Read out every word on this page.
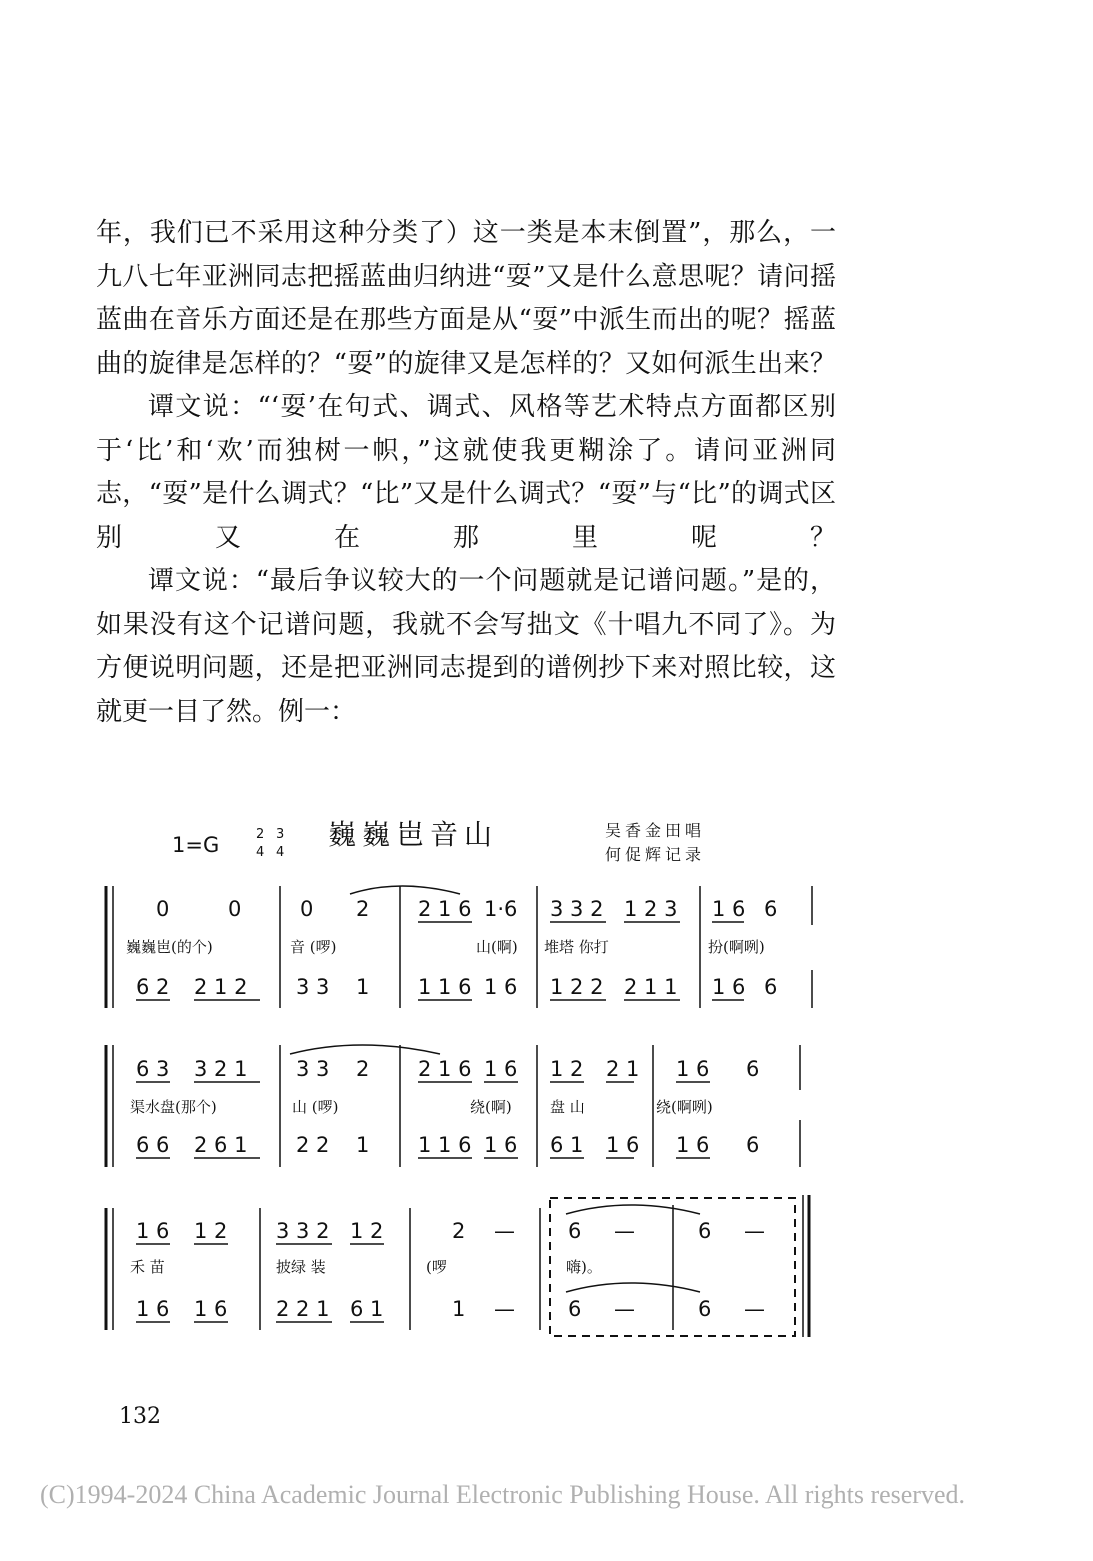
年，我们已不采用这种分类了）这一类是本末倒置”，那么，一九八七年亚洲同志把摇蓝曲归纳进“耍”又是什么意思呢？请问摇蓝曲在音乐方面还是在那些方面是从“耍”中派生而出的呢？摇蓝曲的旋律是怎样的？“耍”的旋律又是怎样的？又如何派生出来？

谭文说：“‘耍’在句式、调式、风格等艺术特点方面都区别于‘比’和‘欢’而独树一帜，”这就使我更糊涂了。请问亚洲同志，“耍”是什么调式？“比”又是什么调式？“耍”与“比”的调式区别又在那里呢？

谭文说：“最后争议较大的一个问题就是记谱问题。”是的，如果没有这个记谱问题，我就不会写拙文《十唱九不同了》。为方便说明问题，还是把亚洲同志提到的谱例抄下来对照比较，这就更一目了然。例一：

1=G	2
4
3
4
巍巍岜音山	吴香金田唱
何促辉记录
0	0	0 2 2 1 6 1·6 3 3 2 1 2 3 1 6 6
巍巍岜(的个)	音 (啰)	山(啊) 堆塔 你打	扮(啊咧)
6 2 2 1 2 3 3 1 1 1 6 1 6 1 2 2 2 1 1 1 6 6
6 3 3 2 1 3 3 2 2 1 6 1 6 1 2 2 1 1 6 6
渠水盘(那个)	山 (啰)	绕(啊)	盘 山	绕(啊咧)
6 6 2 6 1 2 2 1 1 1 6 1 6 6 1 1 6 1 6 6
1 6 1 2 3 3 2 1 2	2 —	6 —	6 —
禾 苗	披绿 装	(啰	嗨)。
1 6 1 6 2 2 1 6 1	1 —	6 —	6 —
132
(C)1994-2024 China Academic Journal Electronic Publishing House. All rights reserved.
